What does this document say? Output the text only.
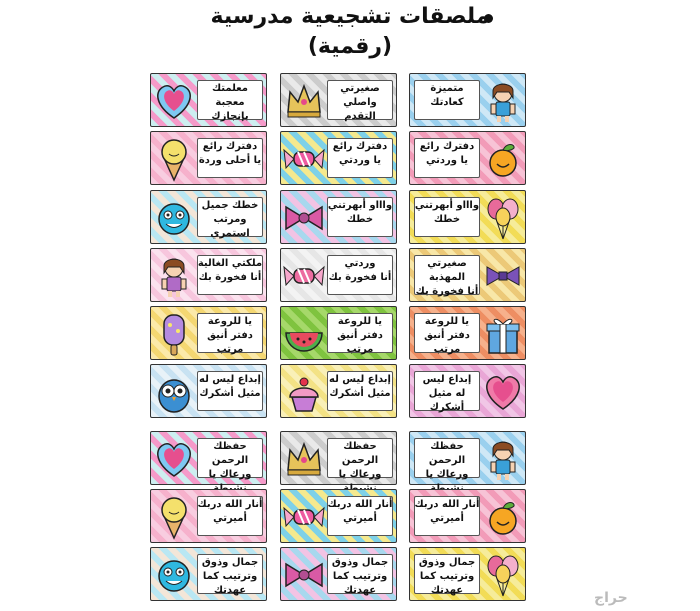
ملصقات تشجيعية مدرسية
(رقمية)
متميزة
كعادتك
صغيرتي
واصلي التقدم
معلمتك معجبة
بإنجازك
دفترك رائع
يا وردتي
دفترك رائع
يا وردتي
دفترك رائع
يا أحلى وردة
واااو أبهرتني
خطك
واااو أبهرتني
خطك
خطك جميل
ومرتب استمري
صغيرتي المهذبة
أنا فخورة بك
وردتي
أنا فخورة بك
ملكتي الغالية
أنا فخورة بك
يا للروعة
دفتر أنيق مرتب
يا للروعة
دفتر أنيق مرتب
يا للروعة
دفتر أنيق مرتب
إبداع ليس
له مثيل
أشكرك
إبداع ليس له
مثيل أشكرك
إبداع ليس له
مثيل أشكرك
حفظك الرحمن
ورعاك يا
حفظك الرحمن
ورعاك يا
حفظك الرحمن
ورعاك يا
أنار الله دربك
أميرتي
أنار الله دربك
أميرتي
أنار الله دربك
أميرتي
جمال وذوق
وترتيب كما
عهدتك
جمال وذوق
وترتيب كما
عهدتك
جمال وذوق
وترتيب كما
عهدتك	حراج
